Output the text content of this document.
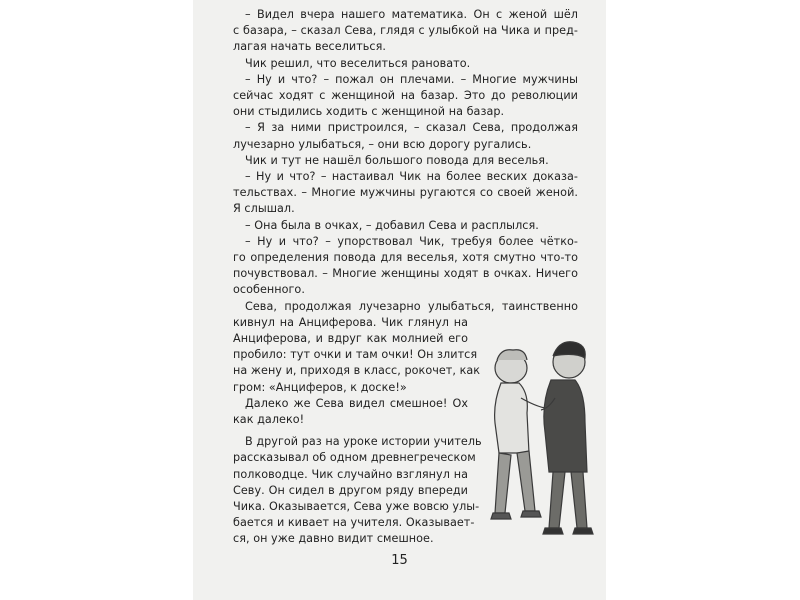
– Видел вчера нашего математика. Он с женой шёл
с базара, – сказал Сева, глядя с улыбкой на Чика и пред-
лагая начать веселиться.
Чик решил, что веселиться рановато.
– Ну и что? – пожал он плечами. – Многие мужчины
сейчас ходят с женщиной на базар. Это до революции
они стыдились ходить с женщиной на базар.
– Я за ними пристроился, – сказал Сева, продолжая
лучезарно улыбаться, – они всю дорогу ругались.
Чик и тут не нашёл большого повода для веселья.
– Ну и что? – настаивал Чик на более веских доказа-
тельствах. – Многие мужчины ругаются со своей женой.
Я слышал.
– Она была в очках, – добавил Сева и расплылся.
– Ну и что? – упорствовал Чик, требуя более чётко-
го определения повода для веселья, хотя смутно что-то
почувствовал. – Многие женщины ходят в очках. Ничего
особенного.
Сева, продолжая лучезарно улыбаться, таинственно
кивнул на Анциферова. Чик глянул на
Анциферова, и вдруг как молнией его
пробило: тут очки и там очки! Он злится
на жену и, приходя в класс, рокочет, как
гром: «Анциферов, к доске!»
Далеко же Сева видел смешное! Ох
как далеко!
В другой раз на уроке истории учитель
рассказывал об одном древнегреческом
полководце. Чик случайно взглянул на
Севу. Он сидел в другом ряду впереди
Чика. Оказывается, Сева уже вовсю улы-
бается и кивает на учителя. Оказывает-
ся, он уже давно видит смешное.
15
